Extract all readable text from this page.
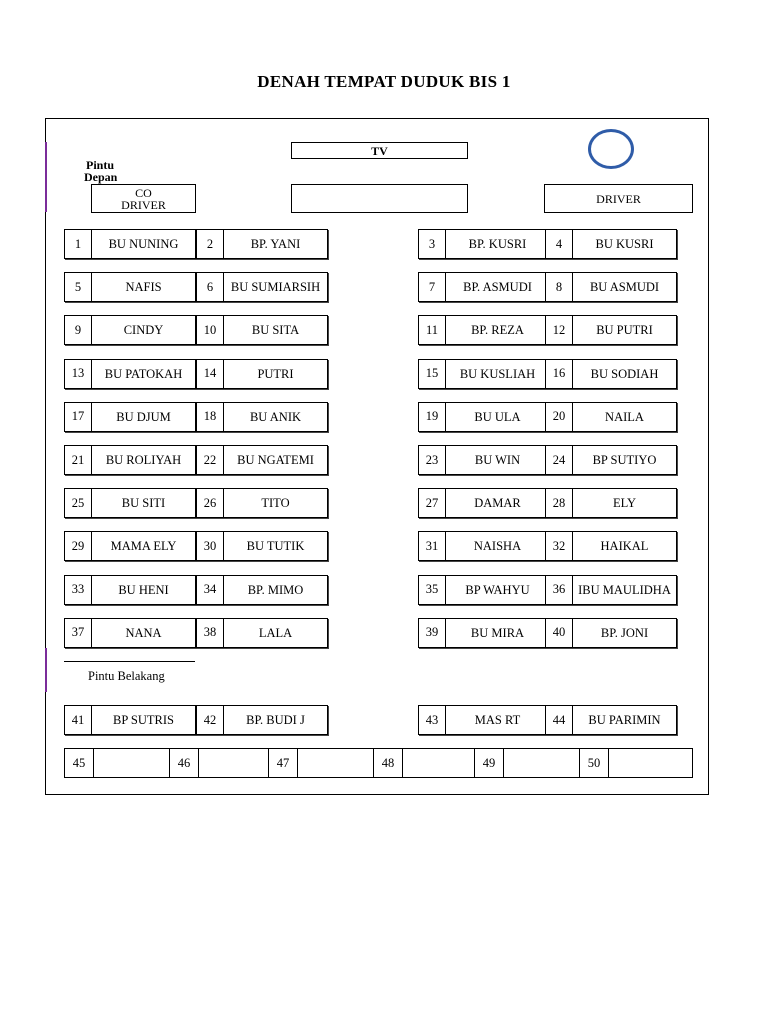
DENAH TEMPAT DUDUK BIS 1
Pintu
Depan
TV
CO
DRIVER	DRIVER
1	BU NUNING	2	BP. YANI	3	BP. KUSRI	4	BU KUSRI
5	NAFIS	6	BU SUMIARSIH	7	BP. ASMUDI	8	BU ASMUDI
9	CINDY	10	BU SITA	11	BP. REZA	12	BU PUTRI
13	BU PATOKAH	14	PUTRI	15	BU KUSLIAH	16	BU SODIAH
17	BU DJUM	18	BU ANIK	19	BU ULA	20	NAILA
21	BU ROLIYAH	22	BU NGATEMI	23	BU WIN	24	BP SUTIYO
25	BU SITI	26	TITO	27	DAMAR	28	ELY
29	MAMA ELY	30	BU TUTIK	31	NAISHA	32	HAIKAL
33	BU HENI	34	BP. MIMO	35	BP WAHYU	36	IBU MAULIDHA
37	NANA	38	LALA	39	BU MIRA	40	BP. JONI
Pintu Belakang
41	BP SUTRIS	42	BP. BUDI J	43	MAS RT	44	BU PARIMIN
45	46	47	48	49	50
